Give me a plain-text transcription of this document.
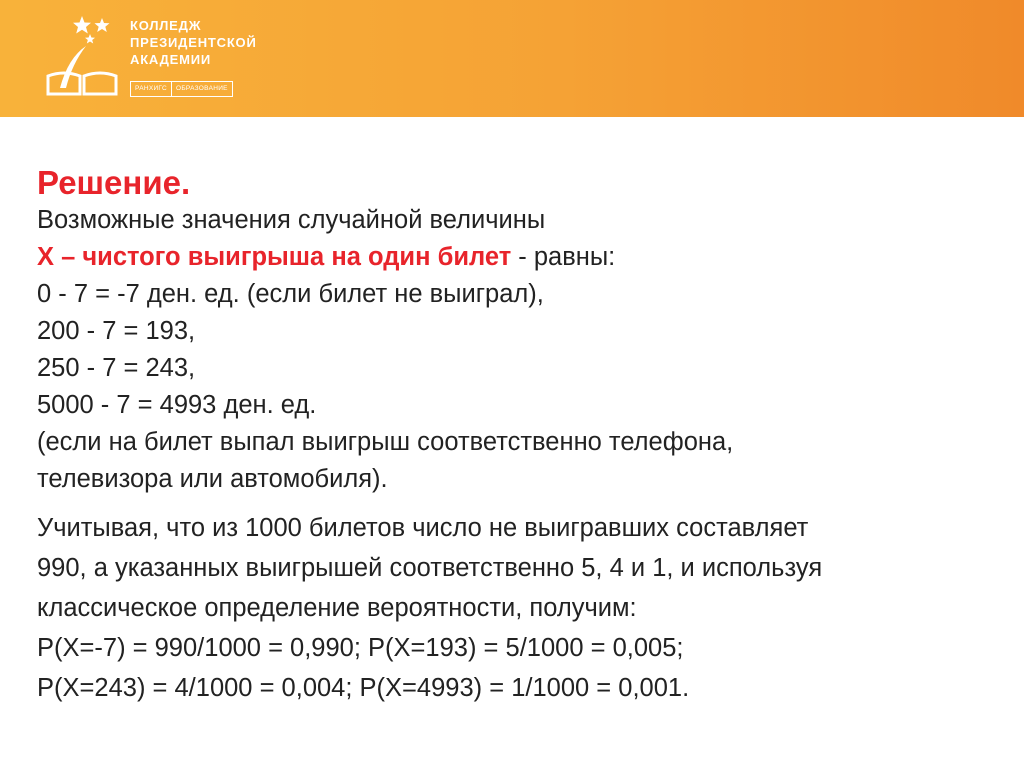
КОЛЛЕДЖ
ПРЕЗИДЕНТСКОЙ
АКАДЕМИИ
РАНХИГС	ОБРАЗОВАНИЕ

Решение.

Возможные значения случайной величины

X – чистого выигрыша на один билет - равны:

0 - 7 = -7 ден. ед. (если билет не выиграл),

200 - 7 = 193,

250 - 7 = 243,

5000 - 7 = 4993 ден. ед.

(если на билет выпал выигрыш соответственно телефона,

телевизора или автомобиля).

Учитывая, что из 1000 билетов число не выигравших составляет

990, а указанных выигрышей соответственно 5, 4 и 1, и используя

классическое определение вероятности, получим:

P(X=-7) = 990/1000 = 0,990; P(X=193) = 5/1000 = 0,005;

P(X=243) = 4/1000 = 0,004; P(X=4993) = 1/1000 = 0,001.
